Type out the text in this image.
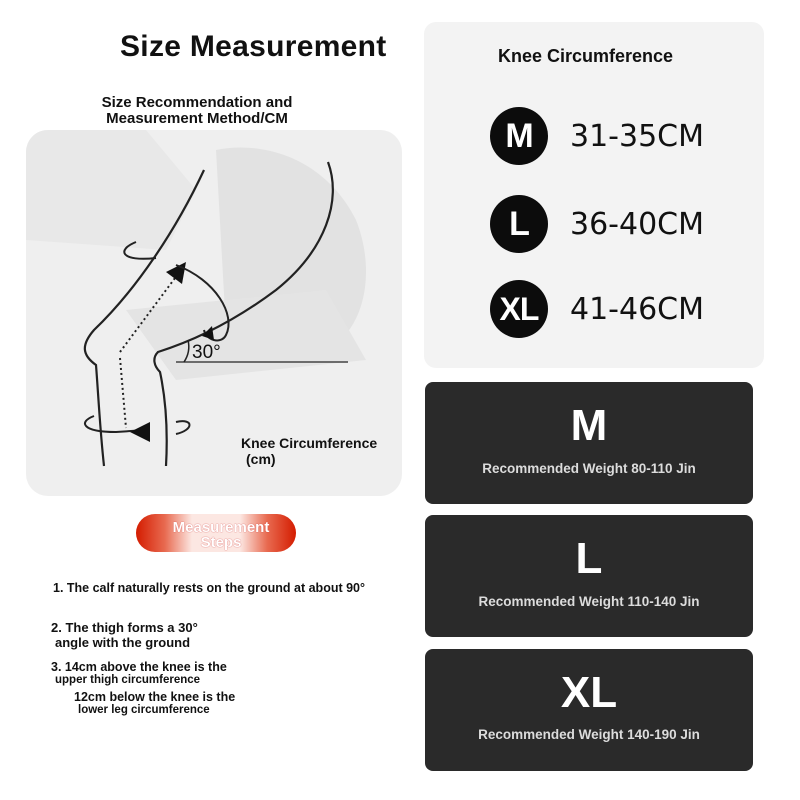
Size Measurement
Size Recommendation and
Measurement Method/CM
30°
Knee Circumference
(cm)
Measurement Steps
1. The calf naturally rests on the ground at about 90°
2. The thigh forms a 30°
angle with the ground
3. 14cm above the knee is the
upper thigh circumference
12cm below the knee is the
lower leg circumference
Knee Circumference
M	31-35CM
L	36-40CM
XL	41-46CM
M
Recommended Weight 80-110 Jin
L
Recommended Weight 110-140 Jin
XL
Recommended Weight 140-190 Jin
